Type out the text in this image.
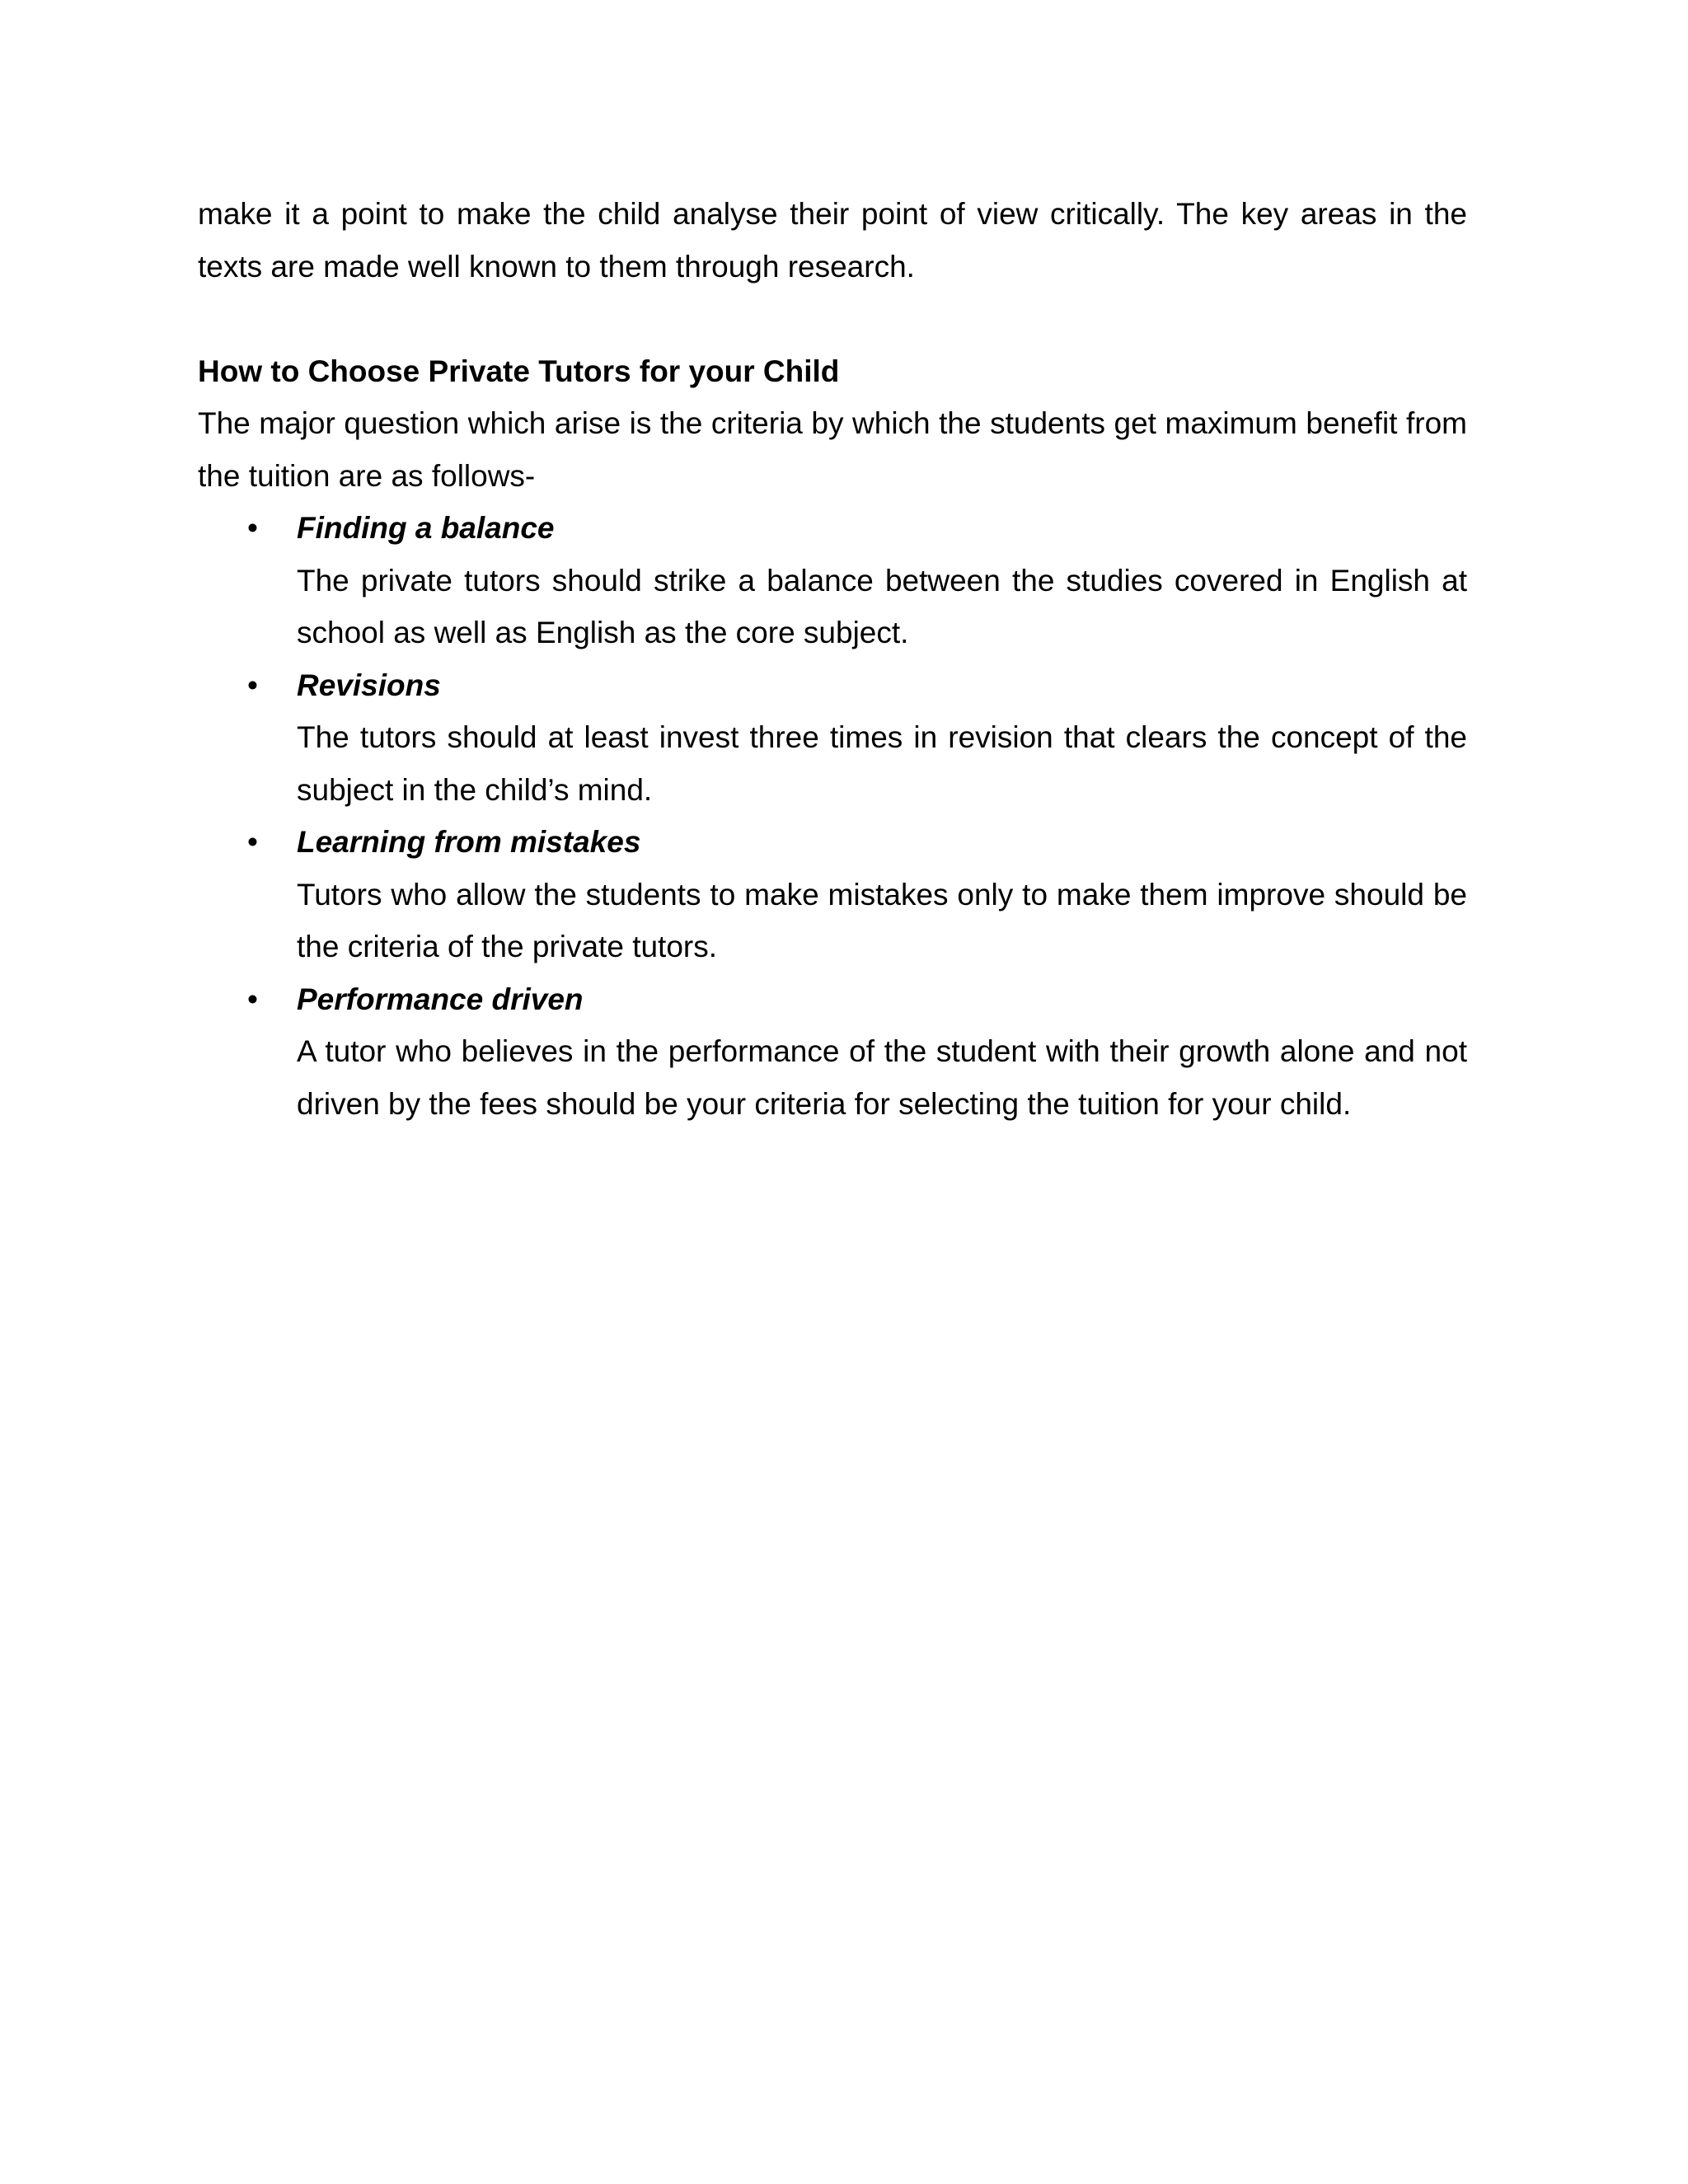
make it a point to make the child analyse their point of view critically. The key areas in the texts are made well known to them through research.

How to Choose Private Tutors for your Child

The major question which arise is the criteria by which the students get maximum benefit from the tuition are as follows-

•	Finding a balance

The private tutors should strike a balance between the studies covered in English at school as well as English as the core subject.

•	Revisions

The tutors should at least invest three times in revision that clears the concept of the subject in the child’s mind.

•	Learning from mistakes

Tutors who allow the students to make mistakes only to make them improve should be the criteria of the private tutors.

•	Performance driven

A tutor who believes in the performance of the student with their growth alone and not driven by the fees should be your criteria for selecting the tuition for your child.
